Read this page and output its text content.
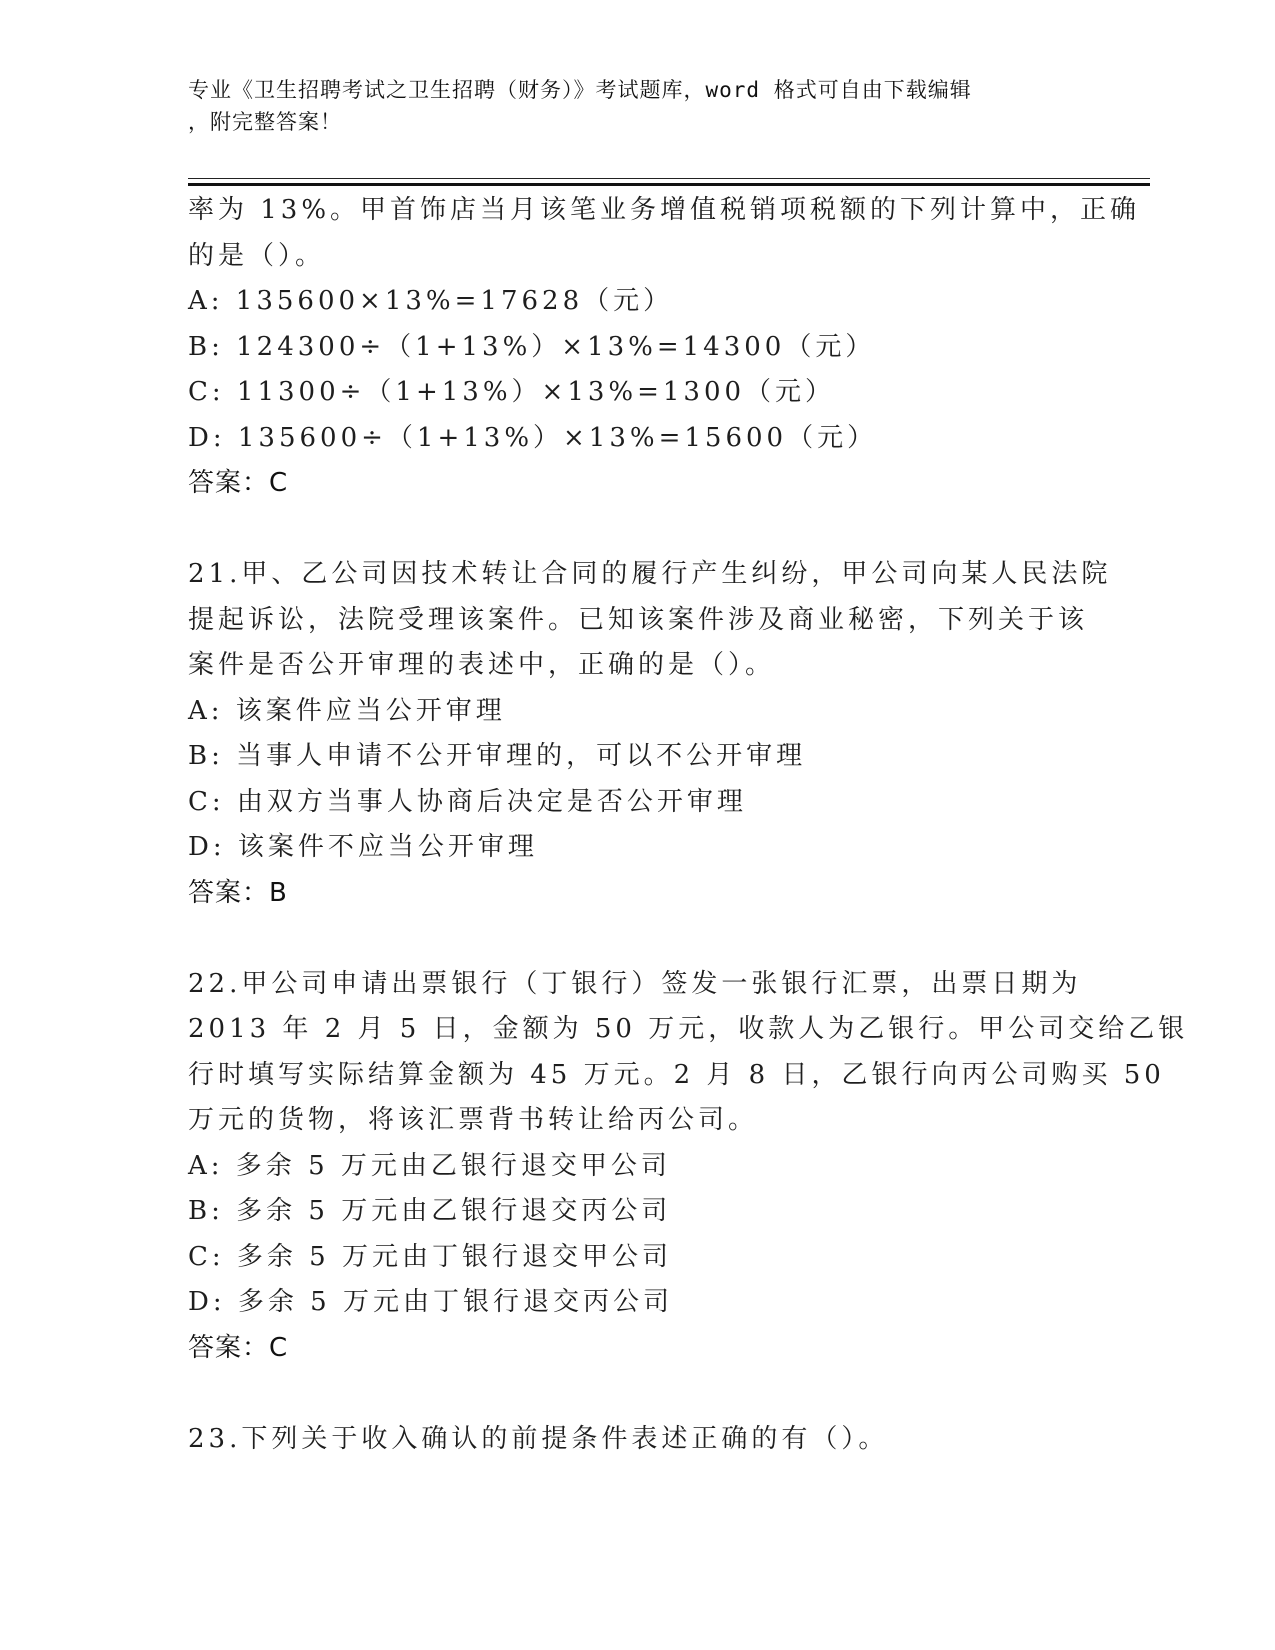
专业《卫生招聘考试之卫生招聘（财务）》考试题库，word 格式可自由下载编辑
，附完整答案！
率为 13%。甲首饰店当月该笔业务增值税销项税额的下列计算中，正确
的是（）。
A: 135600×13%=17628（元）
B: 124300÷（1+13%）×13%=14300（元）
C: 11300÷（1+13%）×13%=1300（元）
D: 135600÷（1+13%）×13%=15600（元）
答案：C
21.甲、乙公司因技术转让合同的履行产生纠纷，甲公司向某人民法院
提起诉讼，法院受理该案件。已知该案件涉及商业秘密，下列关于该
案件是否公开审理的表述中，正确的是（）。
A: 该案件应当公开审理
B: 当事人申请不公开审理的，可以不公开审理
C: 由双方当事人协商后决定是否公开审理
D: 该案件不应当公开审理
答案：B
22.甲公司申请出票银行（丁银行）签发一张银行汇票，出票日期为
2013 年 2 月 5 日，金额为 50 万元，收款人为乙银行。甲公司交给乙银
行时填写实际结算金额为 45 万元。2 月 8 日，乙银行向丙公司购买 50
万元的货物，将该汇票背书转让给丙公司。
A: 多余 5 万元由乙银行退交甲公司
B: 多余 5 万元由乙银行退交丙公司
C: 多余 5 万元由丁银行退交甲公司
D: 多余 5 万元由丁银行退交丙公司
答案：C
23.下列关于收入确认的前提条件表述正确的有（）。
